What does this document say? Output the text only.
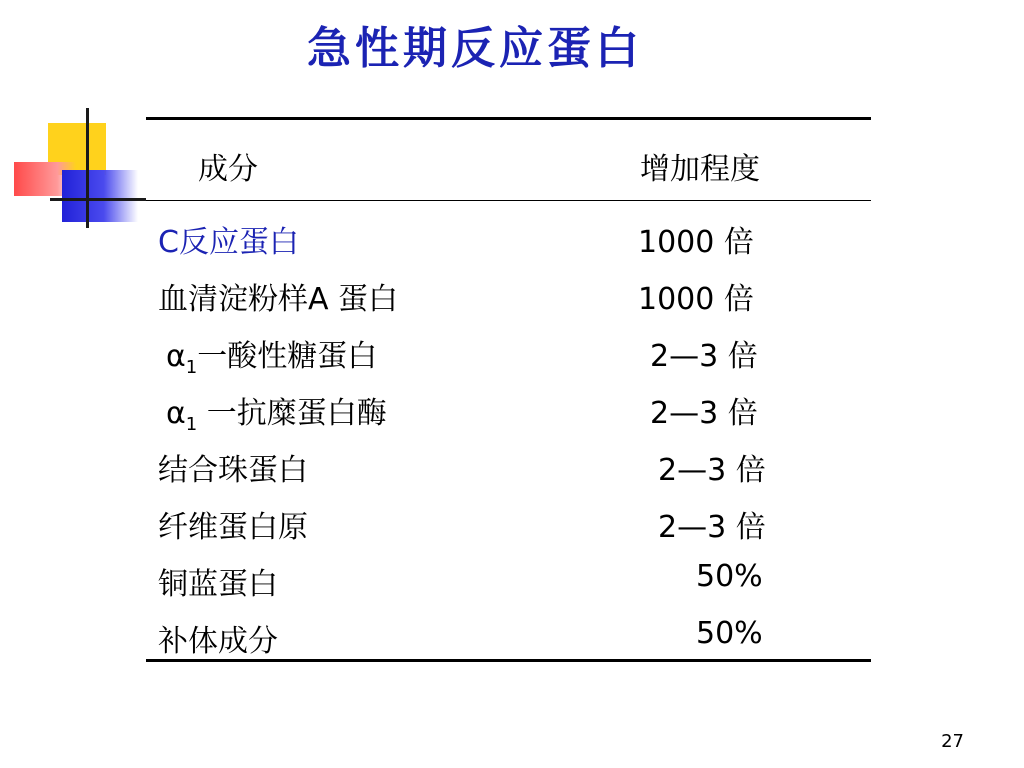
急性期反应蛋白
成分	增加程度
C反应蛋白	1000 倍
血清淀粉样A 蛋白	1000 倍
$\alpha_1$一酸性糖蛋白	2—3 倍
$\alpha_1$ 一抗糜蛋白酶	2—3 倍
结合珠蛋白	2—3 倍
纤维蛋白原	2—3 倍
铜蓝蛋白	50%
补体成分	50%
27
